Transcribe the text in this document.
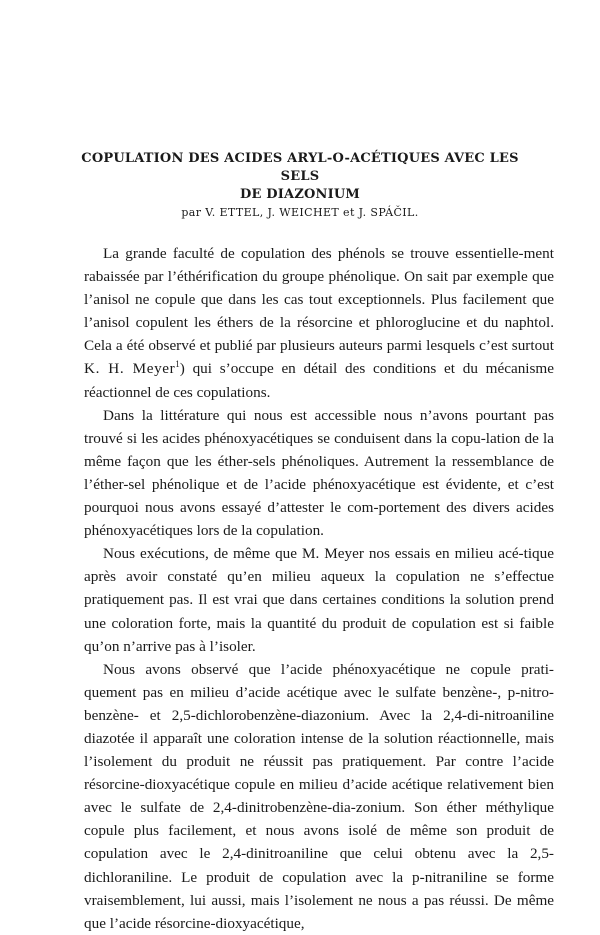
COPULATION DES ACIDES ARYL-O-ACÉTIQUES AVEC LES SELS
DE DIAZONIUM
par V. ETTEL, J. WEICHET et J. SPÁČIL.

La grande faculté de copulation des phénols se trouve essentielle-ment rabaissée par l’éthérification du groupe phénolique. On sait par exemple que l’anisol ne copule que dans les cas tout exceptionnels. Plus facilement que l’anisol copulent les éthers de la résorcine et phloroglucine et du naphtol. Cela a été observé et publié par plusieurs auteurs parmi lesquels c’est surtout K. H. Meyer$^1$) qui s’occupe en détail des conditions et du mécanisme réactionnel de ces copulations.

Dans la littérature qui nous est accessible nous n’avons pourtant pas trouvé si les acides phénoxyacétiques se conduisent dans la copu-lation de la même façon que les éther-sels phénoliques. Autrement la ressemblance de l’éther-sel phénolique et de l’acide phénoxyacétique est évidente, et c’est pourquoi nous avons essayé d’attester le com-portement des divers acides phénoxyacétiques lors de la copulation.

Nous exécutions, de même que M. Meyer nos essais en milieu acé-tique après avoir constaté qu’en milieu aqueux la copulation ne s’effectue pratiquement pas. Il est vrai que dans certaines conditions la solution prend une coloration forte, mais la quantité du produit de copulation est si faible qu’on n’arrive pas à l’isoler.

Nous avons observé que l’acide phénoxyacétique ne copule prati-quement pas en milieu d’acide acétique avec le sulfate benzène-, p-nitro-benzène- et 2,5-dichlorobenzène-diazonium. Avec la 2,4-di-nitroaniline diazotée il apparaît une coloration intense de la solution réactionnelle, mais l’isolement du produit ne réussit pas pratiquement. Par contre l’acide résorcine-dioxyacétique copule en milieu d’acide acétique relativement bien avec le sulfate de 2,4-dinitrobenzène-dia-zonium. Son éther méthylique copule plus facilement, et nous avons isolé de même son produit de copulation avec le 2,4-dinitroaniline que celui obtenu avec la 2,5-dichloraniline. Le produit de copulation avec la p-nitraniline se forme vraisemblement, lui aussi, mais l’isolement ne nous a pas réussi. De même que l’acide résorcine-dioxyacétique,
